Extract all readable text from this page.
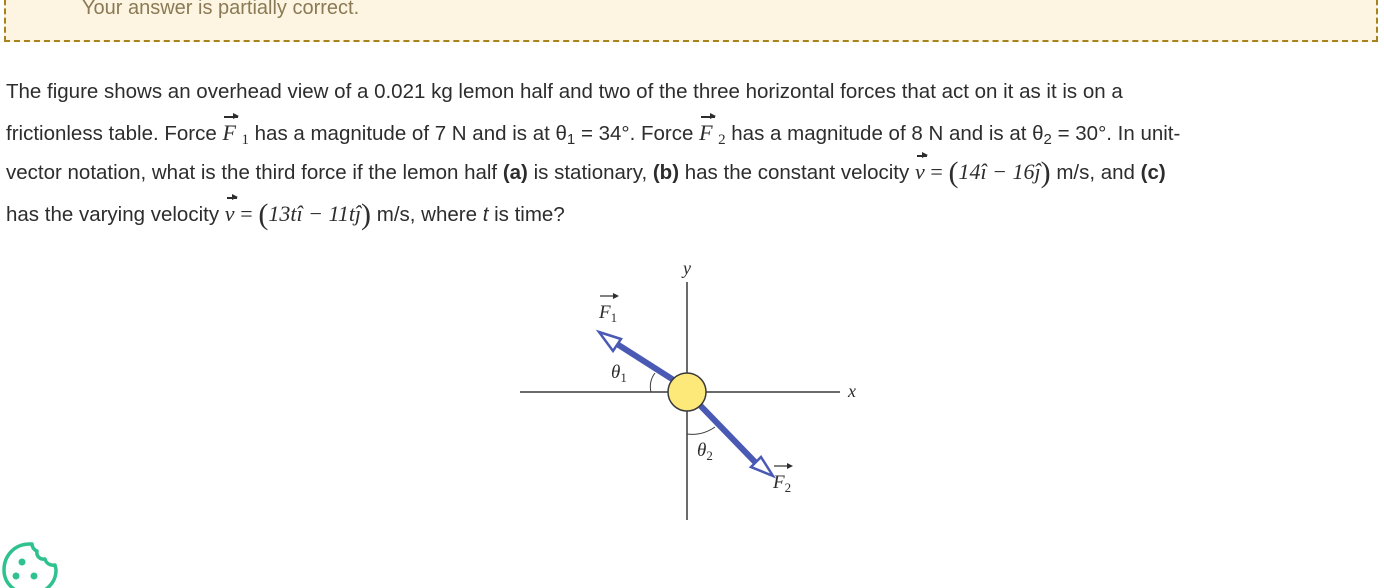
Your answer is partially correct.
The figure shows an overhead view of a 0.021 kg lemon half and two of the three horizontal forces that act on it as it is on a
frictionless table. Force F $_1$ has a magnitude of 7 N and is at $\theta_1 = 34^\circ$. Force F $_2$ has a magnitude of 8 N and is at $\theta_2 = 30^\circ$. In unit-
vector notation, what is the third force if the lemon half (a) is stationary, (b) has the constant velocity v = (14î − 16ĵ) m/s, and (c)
has the varying velocity v = (13tî − 11tĵ) m/s, where t is time?
y
x
$F_1$
$\theta_1$
$\theta_2$
$F_2$
